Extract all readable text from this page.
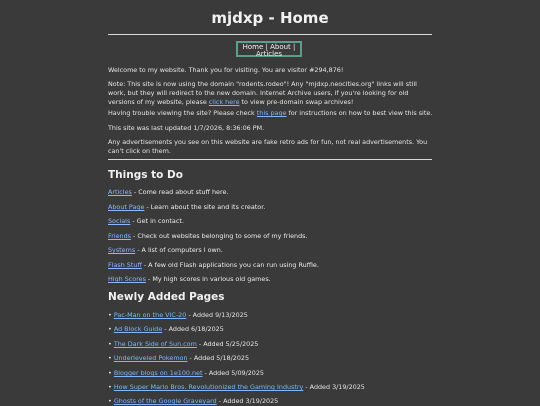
mjdxp - Home
Home | About |
Articles

Welcome to my website. Thank you for visiting. You are visitor #294,876!

Note: This site is now using the domain "rodents.rodeo"! Any "mjdxp.neocities.org" links will still work, but they will redirect to the new domain. Internet Archive users, if you're looking for old versions of my website, please click here to view pre-domain swap archives!

Having trouble viewing the site? Please check this page for instructions on how to best view this site.

This site was last updated 1/7/2026, 8:36:06 PM.

Any advertisements you see on this website are fake retro ads for fun, not real advertisements. You can't click on them.

Things to Do
Articles - Come read about stuff here.
About Page - Learn about the site and its creator.
Socials - Get in contact.
Friends - Check out websites belonging to some of my friends.
Systems - A list of computers I own.
Flash Stuff - A few old Flash applications you can run using Ruffle.
High Scores - My high scores in various old games.
Newly Added Pages
• Pac-Man on the VIC-20 - Added 9/13/2025
• Ad Block Guide - Added 6/18/2025
• The Dark Side of Sun.com - Added 5/25/2025
• Underleveled Pokemon - Added 5/18/2025
• Blogger blogs on 1e100.net - Added 5/09/2025
• How Super Mario Bros. Revolutionized the Gaming Industry - Added 3/19/2025
• Ghosts of the Google Graveyard - Added 3/19/2025
